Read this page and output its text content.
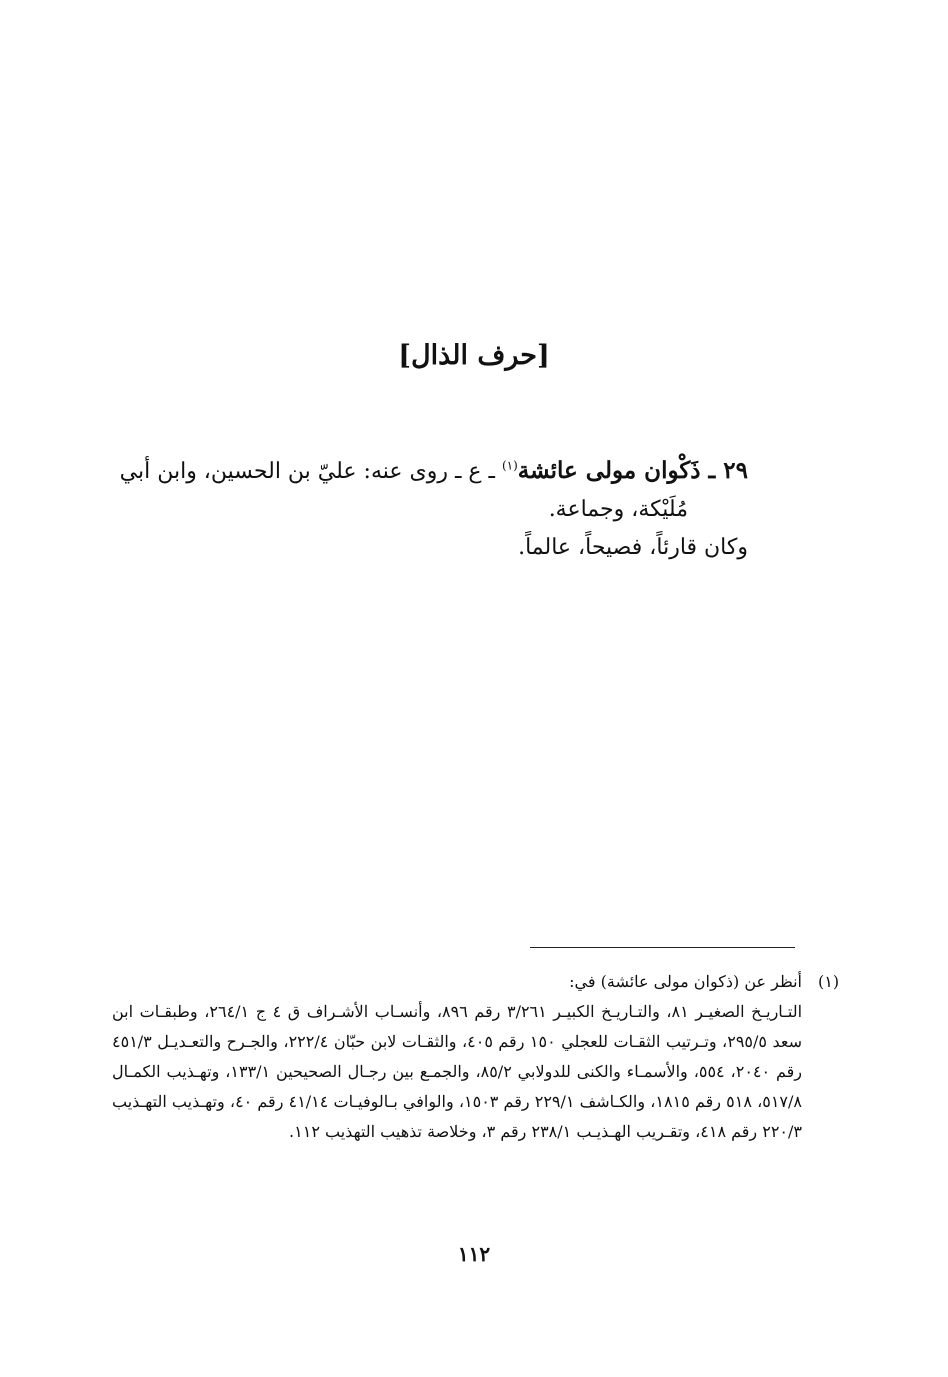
[حرف الذال]
٢٩ ـ ذَكْوان مولى عائشة$^{(١)}$ ـ ع ـ روى عنه: عليّ بن الحسين، وابن أبي
مُلَيْكة، وجماعة.
وكان قارئاً، فصيحاً، عالماً.
(١)
أنظر عن (ذكوان مولى عائشة) في:
التـاريـخ الصغيـر ٨١، والتـاريـخ الكبيـر ٣/٢٦١ رقم ٨٩٦، وأنسـاب الأشـراف ق ٤ ج ٢٦٤/١، وطبقـات ابن سعد ٢٩٥/٥، وتـرتيب الثقـات للعجلي ١٥٠ رقم ٤٠٥، والثقـات لابن حبّان ٢٢٢/٤، والجـرح والتعـديـل ٤٥١/٣ رقم ٢٠٤٠، ٥٥٤، والأسمـاء والكنى للدولابي ٨٥/٢، والجمـع بين رجـال الصحيحين ١٣٣/١، وتهـذيب الكمـال ٥١٧/٨، ٥١٨ رقم ١٨١٥، والكـاشف ٢٢٩/١ رقم ١٥٠٣، والوافي بـالوفيـات ٤١/١٤ رقم ٤٠، وتهـذيب التهـذيب ٢٢٠/٣ رقم ٤١٨، وتقـريب الهـذيـب ٢٣٨/١ رقم ٣، وخلاصة تذهيب التهذيب ١١٢.
١١٢
